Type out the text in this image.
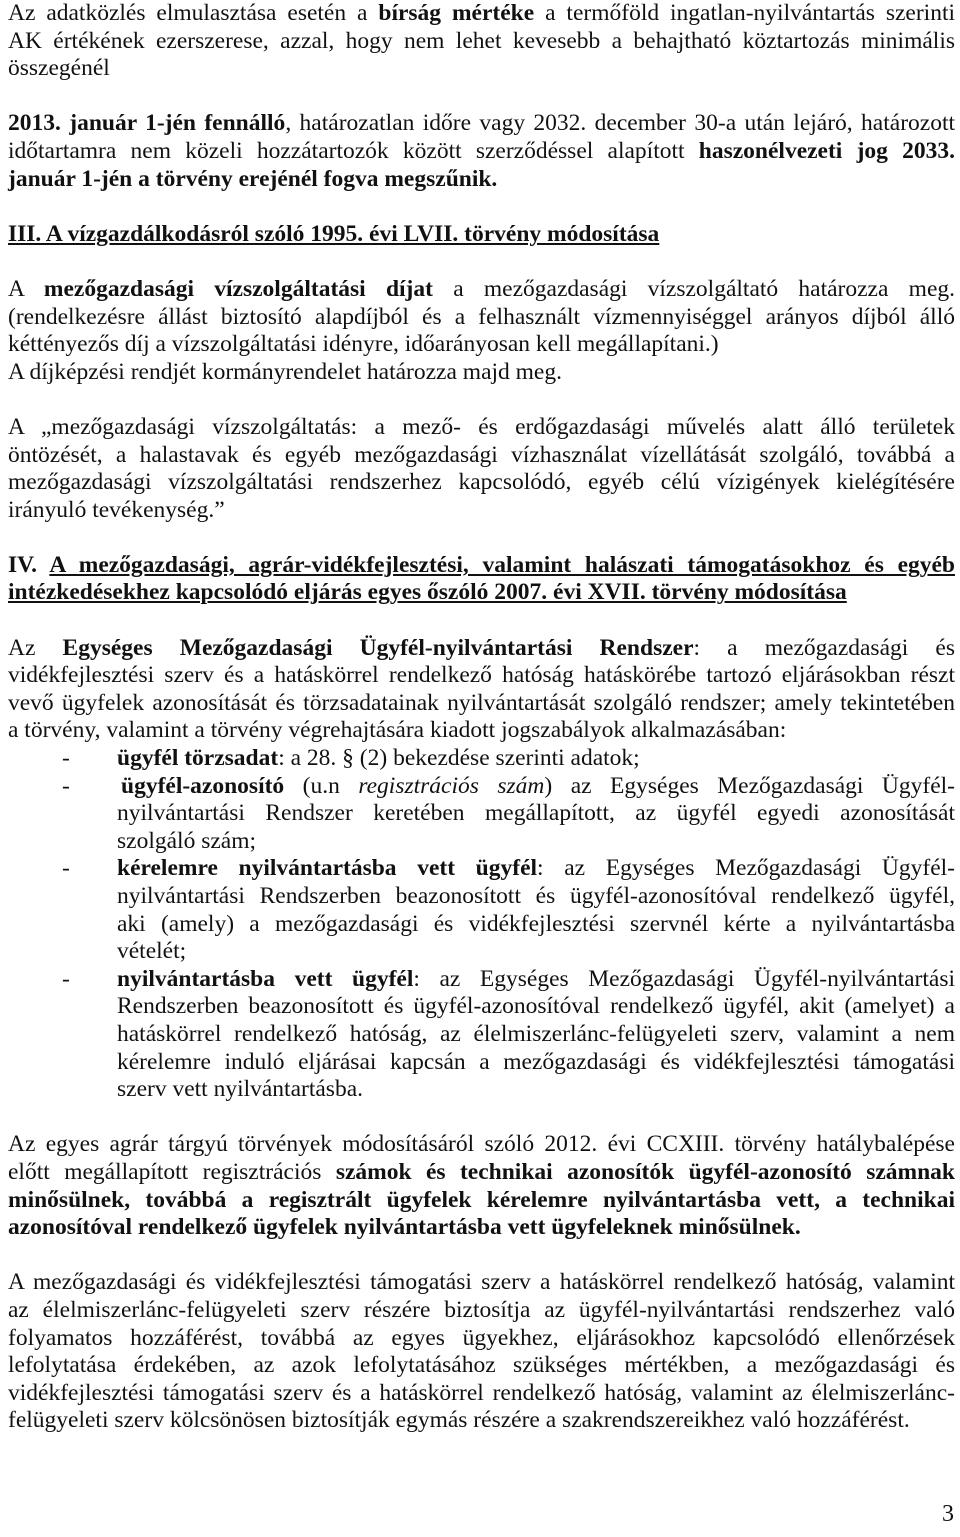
Az adatközlés elmulasztása esetén a bírság mértéke a termőföld ingatlan-nyilvántartás szerinti
AK értékének ezerszerese, azzal, hogy nem lehet kevesebb a behajtható köztartozás minimális
összegénél
2013. január 1-jén fennálló, határozatlan időre vagy 2032. december 30-a után lejáró, határozott
időtartamra nem közeli hozzátartozók között szerződéssel alapított haszonélvezeti jog 2033.
január 1-jén a törvény erejénél fogva megszűnik.
III. A vízgazdálkodásról szóló 1995. évi LVII. törvény módosítása
A mezőgazdasági vízszolgáltatási díjat a mezőgazdasági vízszolgáltató határozza meg.
(rendelkezésre állást biztosító alapdíjból és a felhasznált vízmennyiséggel arányos díjból álló
kéttényezős díj a vízszolgáltatási idényre, időarányosan kell megállapítani.)
A díjképzési rendjét kormányrendelet határozza majd meg.
A „mezőgazdasági vízszolgáltatás: a mező- és erdőgazdasági művelés alatt álló területek
öntözését, a halastavak és egyéb mezőgazdasági vízhasználat vízellátását szolgáló, továbbá a
mezőgazdasági vízszolgáltatási rendszerhez kapcsolódó, egyéb célú vízigények kielégítésére
irányuló tevékenység.”
IV. A mezőgazdasági, agrár-vidékfejlesztési, valamint halászati támogatásokhoz és egyéb
intézkedésekhez kapcsolódó eljárás egyes őszóló 2007. évi XVII. törvény módosítása
Az Egységes Mezőgazdasági Ügyfél-nyilvántartási Rendszer: a mezőgazdasági és
vidékfejlesztési szerv és a hatáskörrel rendelkező hatóság hatáskörébe tartozó eljárásokban részt
vevő ügyfelek azonosítását és törzsadatainak nyilvántartását szolgáló rendszer; amely tekintetében
a törvény, valamint a törvény végrehajtására kiadott jogszabályok alkalmazásában:
- ügyfél törzsadat: a 28. § (2) bekezdése szerinti adatok;
- ügyfél-azonosító (u.n regisztrációs szám) az Egységes Mezőgazdasági Ügyfél-
nyilvántartási Rendszer keretében megállapított, az ügyfél egyedi azonosítását
szolgáló szám;
- kérelemre nyilvántartásba vett ügyfél: az Egységes Mezőgazdasági Ügyfél-
nyilvántartási Rendszerben beazonosított és ügyfél-azonosítóval rendelkező ügyfél,
aki (amely) a mezőgazdasági és vidékfejlesztési szervnél kérte a nyilvántartásba
vételét;
- nyilvántartásba vett ügyfél: az Egységes Mezőgazdasági Ügyfél-nyilvántartási
Rendszerben beazonosított és ügyfél-azonosítóval rendelkező ügyfél, akit (amelyet) a
hatáskörrel rendelkező hatóság, az élelmiszerlánc-felügyeleti szerv, valamint a nem
kérelemre induló eljárásai kapcsán a mezőgazdasági és vidékfejlesztési támogatási
szerv vett nyilvántartásba.
Az egyes agrár tárgyú törvények módosításáról szóló 2012. évi CCXIII. törvény hatálybalépése
előtt megállapított regisztrációs számok és technikai azonosítók ügyfél-azonosító számnak
minősülnek, továbbá a regisztrált ügyfelek kérelemre nyilvántartásba vett, a technikai
azonosítóval rendelkező ügyfelek nyilvántartásba vett ügyfeleknek minősülnek.
A mezőgazdasági és vidékfejlesztési támogatási szerv a hatáskörrel rendelkező hatóság, valamint
az élelmiszerlánc-felügyeleti szerv részére biztosítja az ügyfél-nyilvántartási rendszerhez való
folyamatos hozzáférést, továbbá az egyes ügyekhez, eljárásokhoz kapcsolódó ellenőrzések
lefolytatása érdekében, az azok lefolytatásához szükséges mértékben, a mezőgazdasági és
vidékfejlesztési támogatási szerv és a hatáskörrel rendelkező hatóság, valamint az élelmiszerlánc-
felügyeleti szerv kölcsönösen biztosítják egymás részére a szakrendszereikhez való hozzáférést.
3
